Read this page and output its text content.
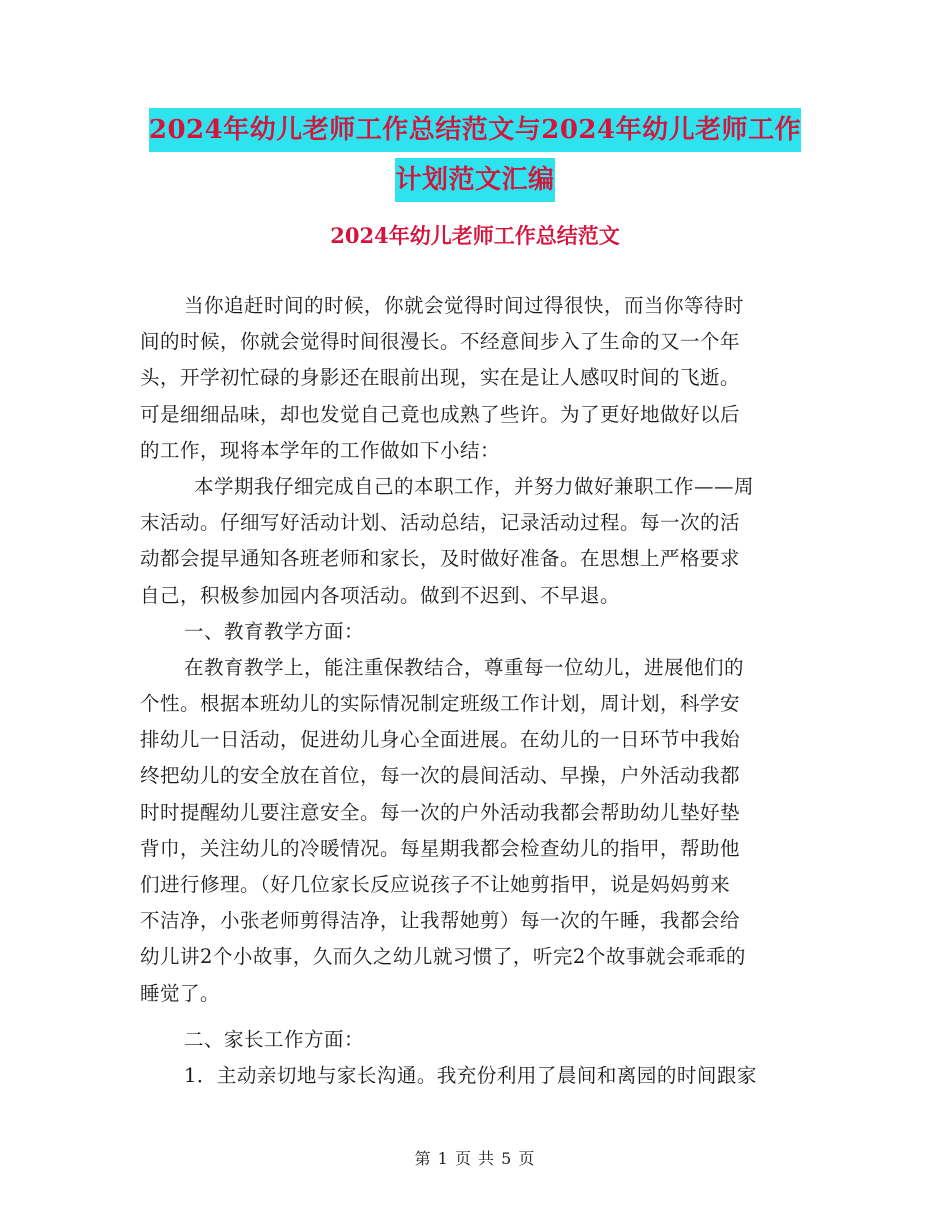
2024年幼儿老师工作总结范文与2024年幼儿老师工作
计划范文汇编
2024年幼儿老师工作总结范文
当你追赶时间的时候，你就会觉得时间过得很快，而当你等待时
间的时候，你就会觉得时间很漫长。不经意间步入了生命的又一个年
头，开学初忙碌的身影还在眼前出现，实在是让人感叹时间的飞逝。
可是细细品味，却也发觉自己竟也成熟了些许。为了更好地做好以后
的工作，现将本学年的工作做如下小结：
本学期我仔细完成自己的本职工作，并努力做好兼职工作——周
末活动。仔细写好活动计划、活动总结，记录活动过程。每一次的活
动都会提早通知各班老师和家长，及时做好准备。在思想上严格要求
自己，积极参加园内各项活动。做到不迟到、不早退。
一、教育教学方面：
在教育教学上，能注重保教结合，尊重每一位幼儿，进展他们的
个性。根据本班幼儿的实际情况制定班级工作计划，周计划，科学安
排幼儿一日活动，促进幼儿身心全面进展。在幼儿的一日环节中我始
终把幼儿的安全放在首位，每一次的晨间活动、早操，户外活动我都
时时提醒幼儿要注意安全。每一次的户外活动我都会帮助幼儿垫好垫
背巾，关注幼儿的冷暖情况。每星期我都会检查幼儿的指甲，帮助他
们进行修理。（好几位家长反应说孩子不让她剪指甲，说是妈妈剪来
不洁净，小张老师剪得洁净，让我帮她剪）每一次的午睡，我都会给
幼儿讲2个小故事，久而久之幼儿就习惯了，听完2个故事就会乖乖的
睡觉了。
二、家长工作方面：
1．主动亲切地与家长沟通。我充份利用了晨间和离园的时间跟家
第 1 页 共 5 页
